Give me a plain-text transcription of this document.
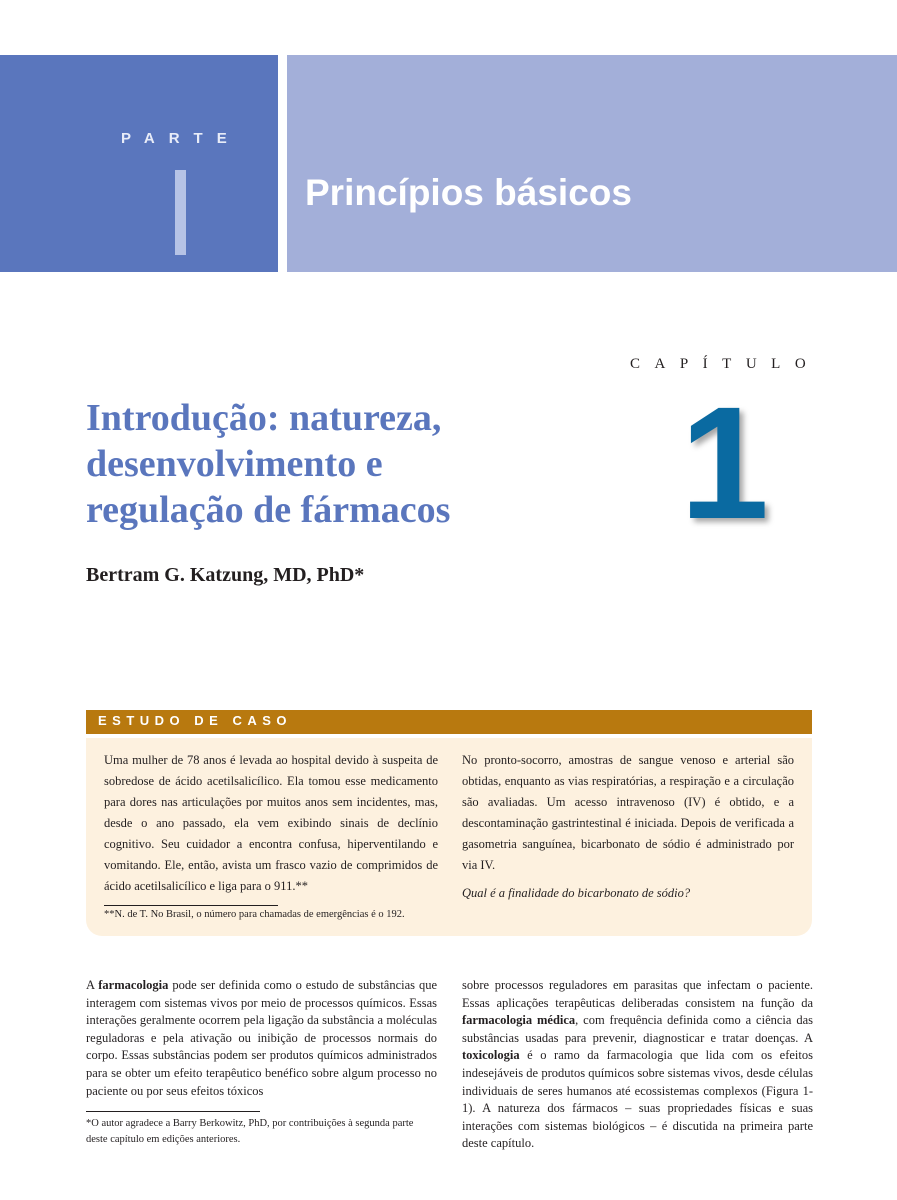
PARTE
Princípios básicos
CAPÍTULO
1
Introdução: natureza,
desenvolvimento e
regulação de fármacos
Bertram G. Katzung, MD, PhD*
ESTUDO DE CASO
Uma mulher de 78 anos é levada ao hospital devido à suspeita de sobredose de ácido acetilsalicílico. Ela tomou esse medicamento para dores nas articulações por muitos anos sem incidentes, mas, desde o ano passado, ela vem exibindo sinais de declínio cognitivo. Seu cuidador a encontra confusa, hiperventilando e vomitando. Ele, então, avista um frasco vazio de comprimidos de ácido acetilsalicílico e liga para o 911.**
No pronto-socorro, amostras de sangue venoso e arterial são obtidas, enquanto as vias respiratórias, a respiração e a circulação são avaliadas. Um acesso intravenoso (IV) é obtido, e a descontaminação gastrintestinal é iniciada. Depois de verificada a gasometria sanguínea, bicarbonato de sódio é administrado por via IV.
Qual é a finalidade do bicarbonato de sódio?
**N. de T. No Brasil, o número para chamadas de emergências é o 192.
A farmacologia pode ser definida como o estudo de substâncias que interagem com sistemas vivos por meio de processos químicos. Essas interações geralmente ocorrem pela ligação da substância a moléculas reguladoras e pela ativação ou inibição de processos normais do corpo. Essas substâncias podem ser produtos químicos administrados para se obter um efeito terapêutico benéfico sobre algum processo no paciente ou por seus efeitos tóxicos
sobre processos reguladores em parasitas que infectam o paciente. Essas aplicações terapêuticas deliberadas consistem na função da farmacologia médica, com frequência definida como a ciência das substâncias usadas para prevenir, diagnosticar e tratar doenças. A toxicologia é o ramo da farmacologia que lida com os efeitos indesejáveis de produtos químicos sobre sistemas vivos, desde células individuais de seres humanos até ecossistemas complexos (Figura 1-1). A natureza dos fármacos – suas propriedades físicas e suas interações com sistemas biológicos – é discutida na primeira parte deste capítulo.
*O autor agradece a Barry Berkowitz, PhD, por contribuições à segunda parte deste capítulo em edições anteriores.
